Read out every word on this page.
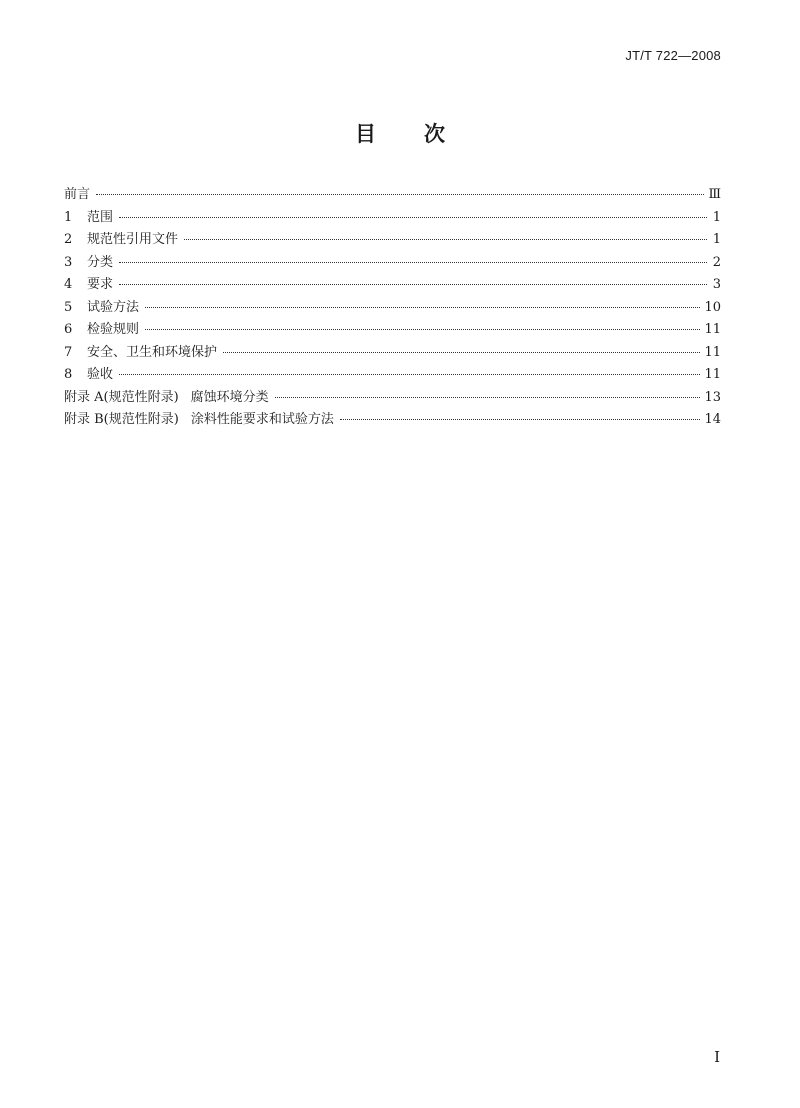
JT/T 722—2008
目 次
前言	Ⅲ
1	范围	1
2	规范性引用文件	1
3	分类	2
4	要求	3
5	试验方法	10
6	检验规则	11
7	安全、卫生和环境保护	11
8	验收	11
附录 A(规范性附录) 腐蚀环境分类	13
附录 B(规范性附录) 涂料性能要求和试验方法	14
I
